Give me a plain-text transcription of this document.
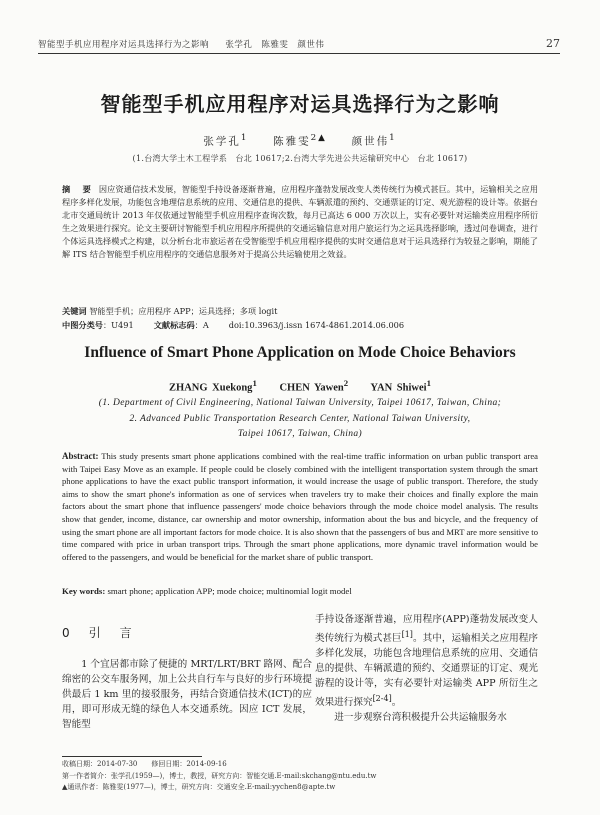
智能型手机应用程序对运具选择行为之影响 张学孔　陈雅雯　颜世伟	27
智能型手机应用程序对运具选择行为之影响
张学孔$^1$ 陈雅雯$^{2▲}$ 颜世伟$^1$
(1.台湾大学土木工程学系　台北 10617;2.台湾大学先进公共运输研究中心　台北 10617)
摘　要 因应资通信技术发展，智能型手持设备逐渐普遍，应用程序蓬勃发展改变人类传统行为模式甚巨。其中，运输相关之应用程序多样化发展，功能包含地理信息系统的应用、交通信息的提供、车辆派遣的预约、交通票证的订定、观光游程的设计等。依据台北市交通局统计 2013 年仅依通过智能型手机应用程序查询次数，每月已高达 6 000 万次以上，实有必要针对运输类应用程序所衍生之效果进行探究。论文主要研讨智能型手机应用程序所提供的交通运输信息对用户旅运行为之运具选择影响，透过问卷调查，进行个体运具选择模式之构建，以分析台北市旅运者在受智能型手机应用程序提供的实时交通信息对于运具选择行为较显之影响，期能了解 ITS 结合智能型手机应用程序的交通信息服务对于提高公共运输使用之效益。
关键词 智能型手机；应用程序 APP；运具选择；多项 logit
中图分类号：U491 文献标志码：A doi:10.3963/j.issn 1674-4861.2014.06.006
Influence of Smart Phone Application on Mode Choice Behaviors
ZHANG Xuekong$^1$ CHEN Yawen$^2$ YAN Shiwei$^1$
(1. Department of Civil Engineering, National Taiwan University, Taipei 10617, Taiwan, China;
2. Advanced Public Transportation Research Center, National Taiwan University,
Taipei 10617, Taiwan, China)
Abstract: This study presents smart phone applications combined with the real-time traffic information on urban public transport area with Taipei Easy Move as an example. If people could be closely combined with the intelligent transportation system through the smart phone applications to have the exact public transport information, it would increase the usage of public transport. Therefore, the study aims to show the smart phone's information as one of services when travelers try to make their choices and finally explore the main factors about the smart phone that influence passengers' mode choice behaviors through the mode choice model analysis. The results show that gender, income, distance, car ownership and motor ownership, information about the bus and bicycle, and the frequency of using the smart phone are all important factors for mode choice. It is also shown that the passengers of bus and MRT are more sensitive to time compared with price in urban transport trips. Through the smart phone applications, more dynamic travel information would be offered to the passengers, and would be beneficial for the market share of public transport.
Key words: smart phone; application APP; mode choice; multinomial logit model
0 引 言

1 个宜居都市除了便捷的 MRT/LRT/BRT 路网、配合绵密的公交车服务网，加上公共自行车与良好的步行环境提供最后 1 km 里的接驳服务，再结合资通信技术(ICT)的应用，即可形成无缝的绿色人本交通系统。因应 ICT 发展，智能型

手持设备逐渐普遍，应用程序(APP)蓬勃发展改变人类传统行为模式甚巨[1]。其中，运输相关之应用程序多样化发展，功能包含地理信息系统的应用、交通信息的提供、车辆派遣的预约、交通票证的订定、观光游程的设计等，实有必要针对运输类 APP 所衍生之效果进行探究[2-4]。

进一步观察台湾积极提升公共运输服务水

收稿日期：2014-07-30　　修回日期：2014-09-16
第一作者简介：张学孔(1959—)，博士，教授，研究方向：智能交通.E-mail:skchang@ntu.edu.tw
▲通讯作者：陈雅雯(1977—)，博士，研究方向：交通安全.E-mail:yychen8@apte.tw
